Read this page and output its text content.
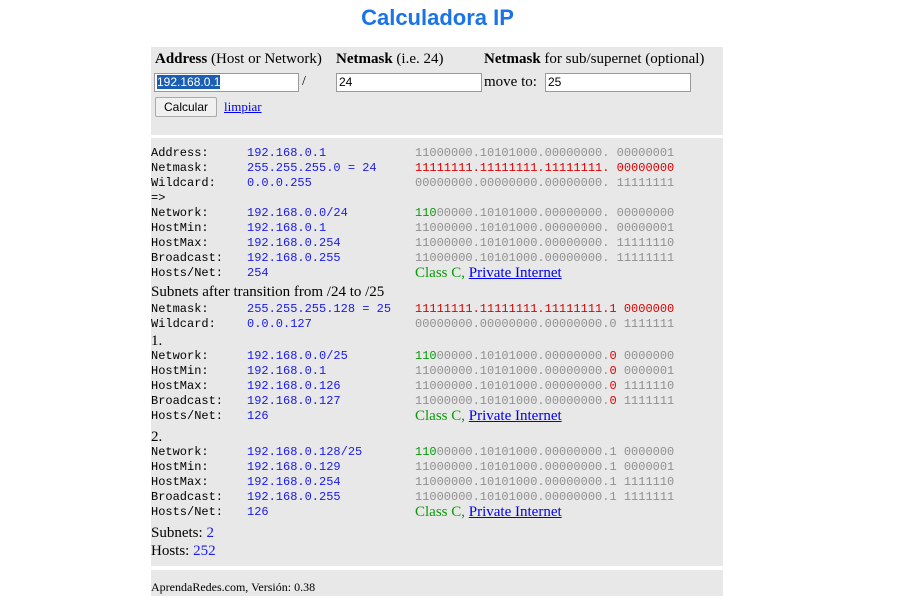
Calculadora IP
Address (Host or Network) Netmask (i.e. 24)	Netmask for sub/supernet (optional)
192.168.0.1	/	24	move to: 25
Calcular	limpiar
Address:	192.168.0.1	11000000.10101000.00000000. 00000001
Netmask:	255.255.255.0 = 24	11111111.11111111.11111111. 00000000
Wildcard:	0.0.0.255	00000000.00000000.00000000. 11111111
=>
Network:	192.168.0.0/24	11000000.10101000.00000000. 00000000
HostMin:	192.168.0.1	11000000.10101000.00000000. 00000001
HostMax:	192.168.0.254	11000000.10101000.00000000. 11111110
Broadcast: 192.168.0.255	11000000.10101000.00000000. 11111111
Hosts/Net: 254	Class C, Private Internet
Subnets after transition from /24 to /25
Netmask:	255.255.255.128 = 25 11111111.11111111.11111111.1 0000000
Wildcard:	0.0.0.127	00000000.00000000.00000000.0 1111111
1.
Network:	192.168.0.0/25	11000000.10101000.00000000.0 0000000
HostMin:	192.168.0.1	11000000.10101000.00000000.0 0000001
HostMax:	192.168.0.126	11000000.10101000.00000000.0 1111110
Broadcast: 192.168.0.127	11000000.10101000.00000000.0 1111111
Hosts/Net: 126	Class C, Private Internet
2.
Network:	192.168.0.128/25	11000000.10101000.00000000.1 0000000
HostMin:	192.168.0.129	11000000.10101000.00000000.1 0000001
HostMax:	192.168.0.254	11000000.10101000.00000000.1 1111110
Broadcast: 192.168.0.255	11000000.10101000.00000000.1 1111111
Hosts/Net: 126	Class C, Private Internet
Subnets: 2
Hosts: 252
AprendaRedes.com, Versión: 0.38
